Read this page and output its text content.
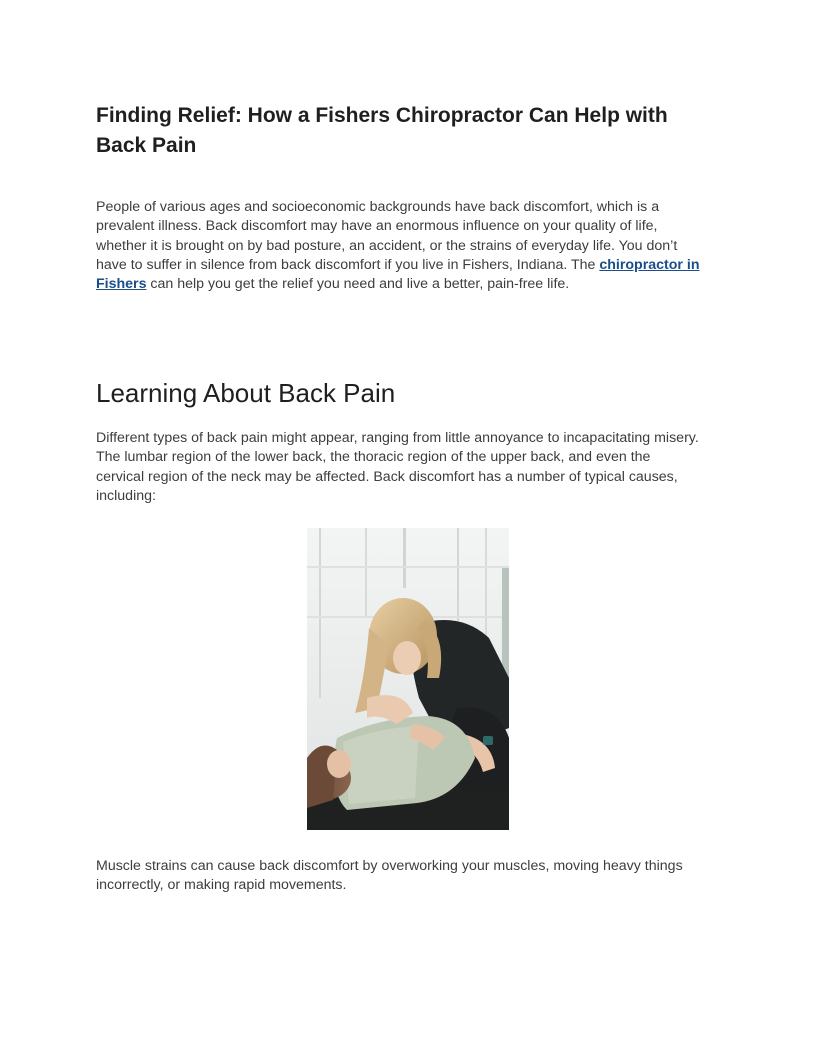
Finding Relief: How a Fishers Chiropractor Can Help with Back Pain

People of various ages and socioeconomic backgrounds have back discomfort, which is a prevalent illness. Back discomfort may have an enormous influence on your quality of life, whether it is brought on by bad posture, an accident, or the strains of everyday life. You don’t have to suffer in silence from back discomfort if you live in Fishers, Indiana. The chiropractor in Fishers can help you get the relief you need and live a better, pain-free life.

Learning About Back Pain

Different types of back pain might appear, ranging from little annoyance to incapacitating misery. The lumbar region of the lower back, the thoracic region of the upper back, and even the cervical region of the neck may be affected. Back discomfort has a number of typical causes, including:

Muscle strains can cause back discomfort by overworking your muscles, moving heavy things incorrectly, or making rapid movements.
